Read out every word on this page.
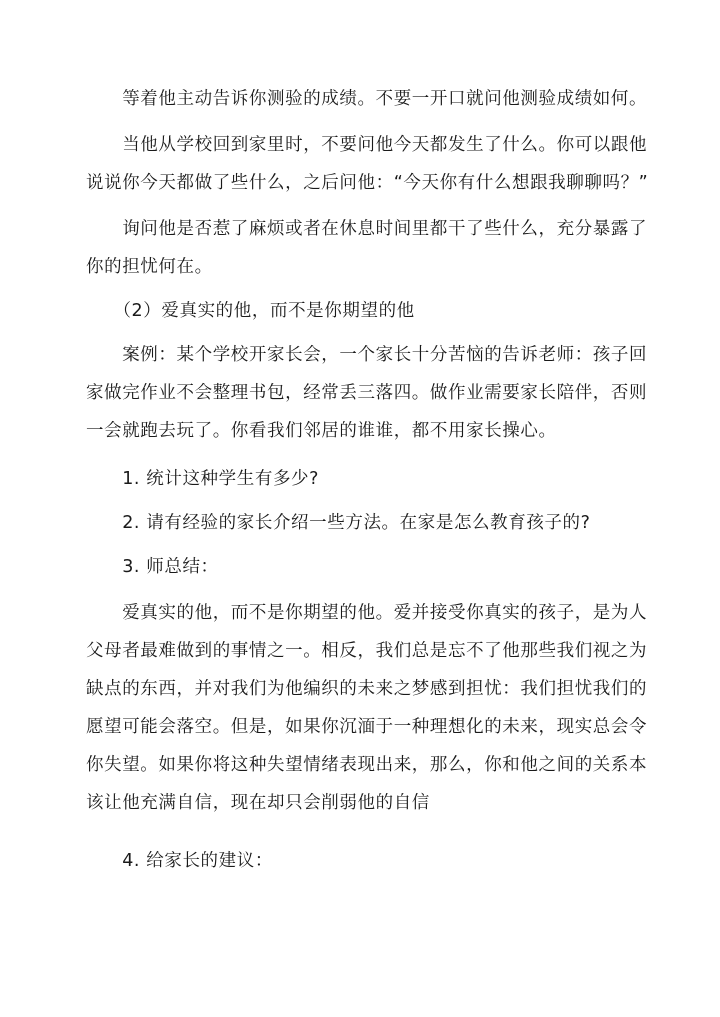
　　等着他主动告诉你测验的成绩。不要一开口就问他测验成绩如何。
　　当他从学校回到家里时，不要问他今天都发生了什么。你可以跟他
说说你今天都做了些什么，之后问他：“今天你有什么想跟我聊聊吗？”
　　询问他是否惹了麻烦或者在休息时间里都干了些什么，充分暴露了
你的担忧何在。
　　（2）爱真实的他，而不是你期望的他
　　案例：某个学校开家长会，一个家长十分苦恼的告诉老师：孩子回
家做完作业不会整理书包，经常丢三落四。做作业需要家长陪伴，否则
一会就跑去玩了。你看我们邻居的谁谁，都不用家长操心。
　　1. 统计这种学生有多少?
　　2. 请有经验的家长介绍一些方法。在家是怎么教育孩子的?
　　3. 师总结：
　　爱真实的他，而不是你期望的他。爱并接受你真实的孩子，是为人
父母者最难做到的事情之一。相反，我们总是忘不了他那些我们视之为
缺点的东西，并对我们为他编织的未来之梦感到担忧：我们担忧我们的
愿望可能会落空。但是，如果你沉湎于一种理想化的未来，现实总会令
你失望。如果你将这种失望情绪表现出来，那么，你和他之间的关系本
该让他充满自信，现在却只会削弱他的自信
　　4. 给家长的建议：
